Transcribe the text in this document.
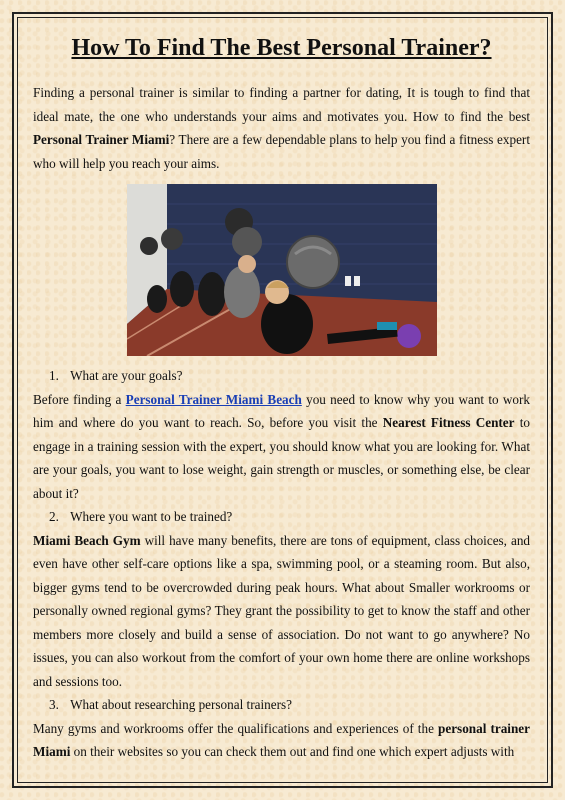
How To Find The Best Personal Trainer?

Finding a personal trainer is similar to finding a partner for dating, It is tough to find that ideal mate, the one who understands your aims and motivates you. How to find the best Personal Trainer Miami? There are a few dependable plans to help you find a fitness expert who will help you reach your aims.

1. What are your goals?

Before finding a Personal Trainer Miami Beach you need to know why you want to work him and where do you want to reach. So, before you visit the Nearest Fitness Center to engage in a training session with the expert, you should know what you are looking for. What are your goals, you want to lose weight, gain strength or muscles, or something else, be clear about it?

2. Where you want to be trained?

Miami Beach Gym will have many benefits, there are tons of equipment, class choices, and even have other self-care options like a spa, swimming pool, or a steaming room. But also, bigger gyms tend to be overcrowded during peak hours. What about Smaller workrooms or personally owned regional gyms? They grant the possibility to get to know the staff and other members more closely and build a sense of association. Do not want to go anywhere? No issues, you can also workout from the comfort of your own home there are online workshops and sessions too.

3. What about researching personal trainers?

Many gyms and workrooms offer the qualifications and experiences of the personal trainer Miami on their websites so you can check them out and find one which expert adjusts with
